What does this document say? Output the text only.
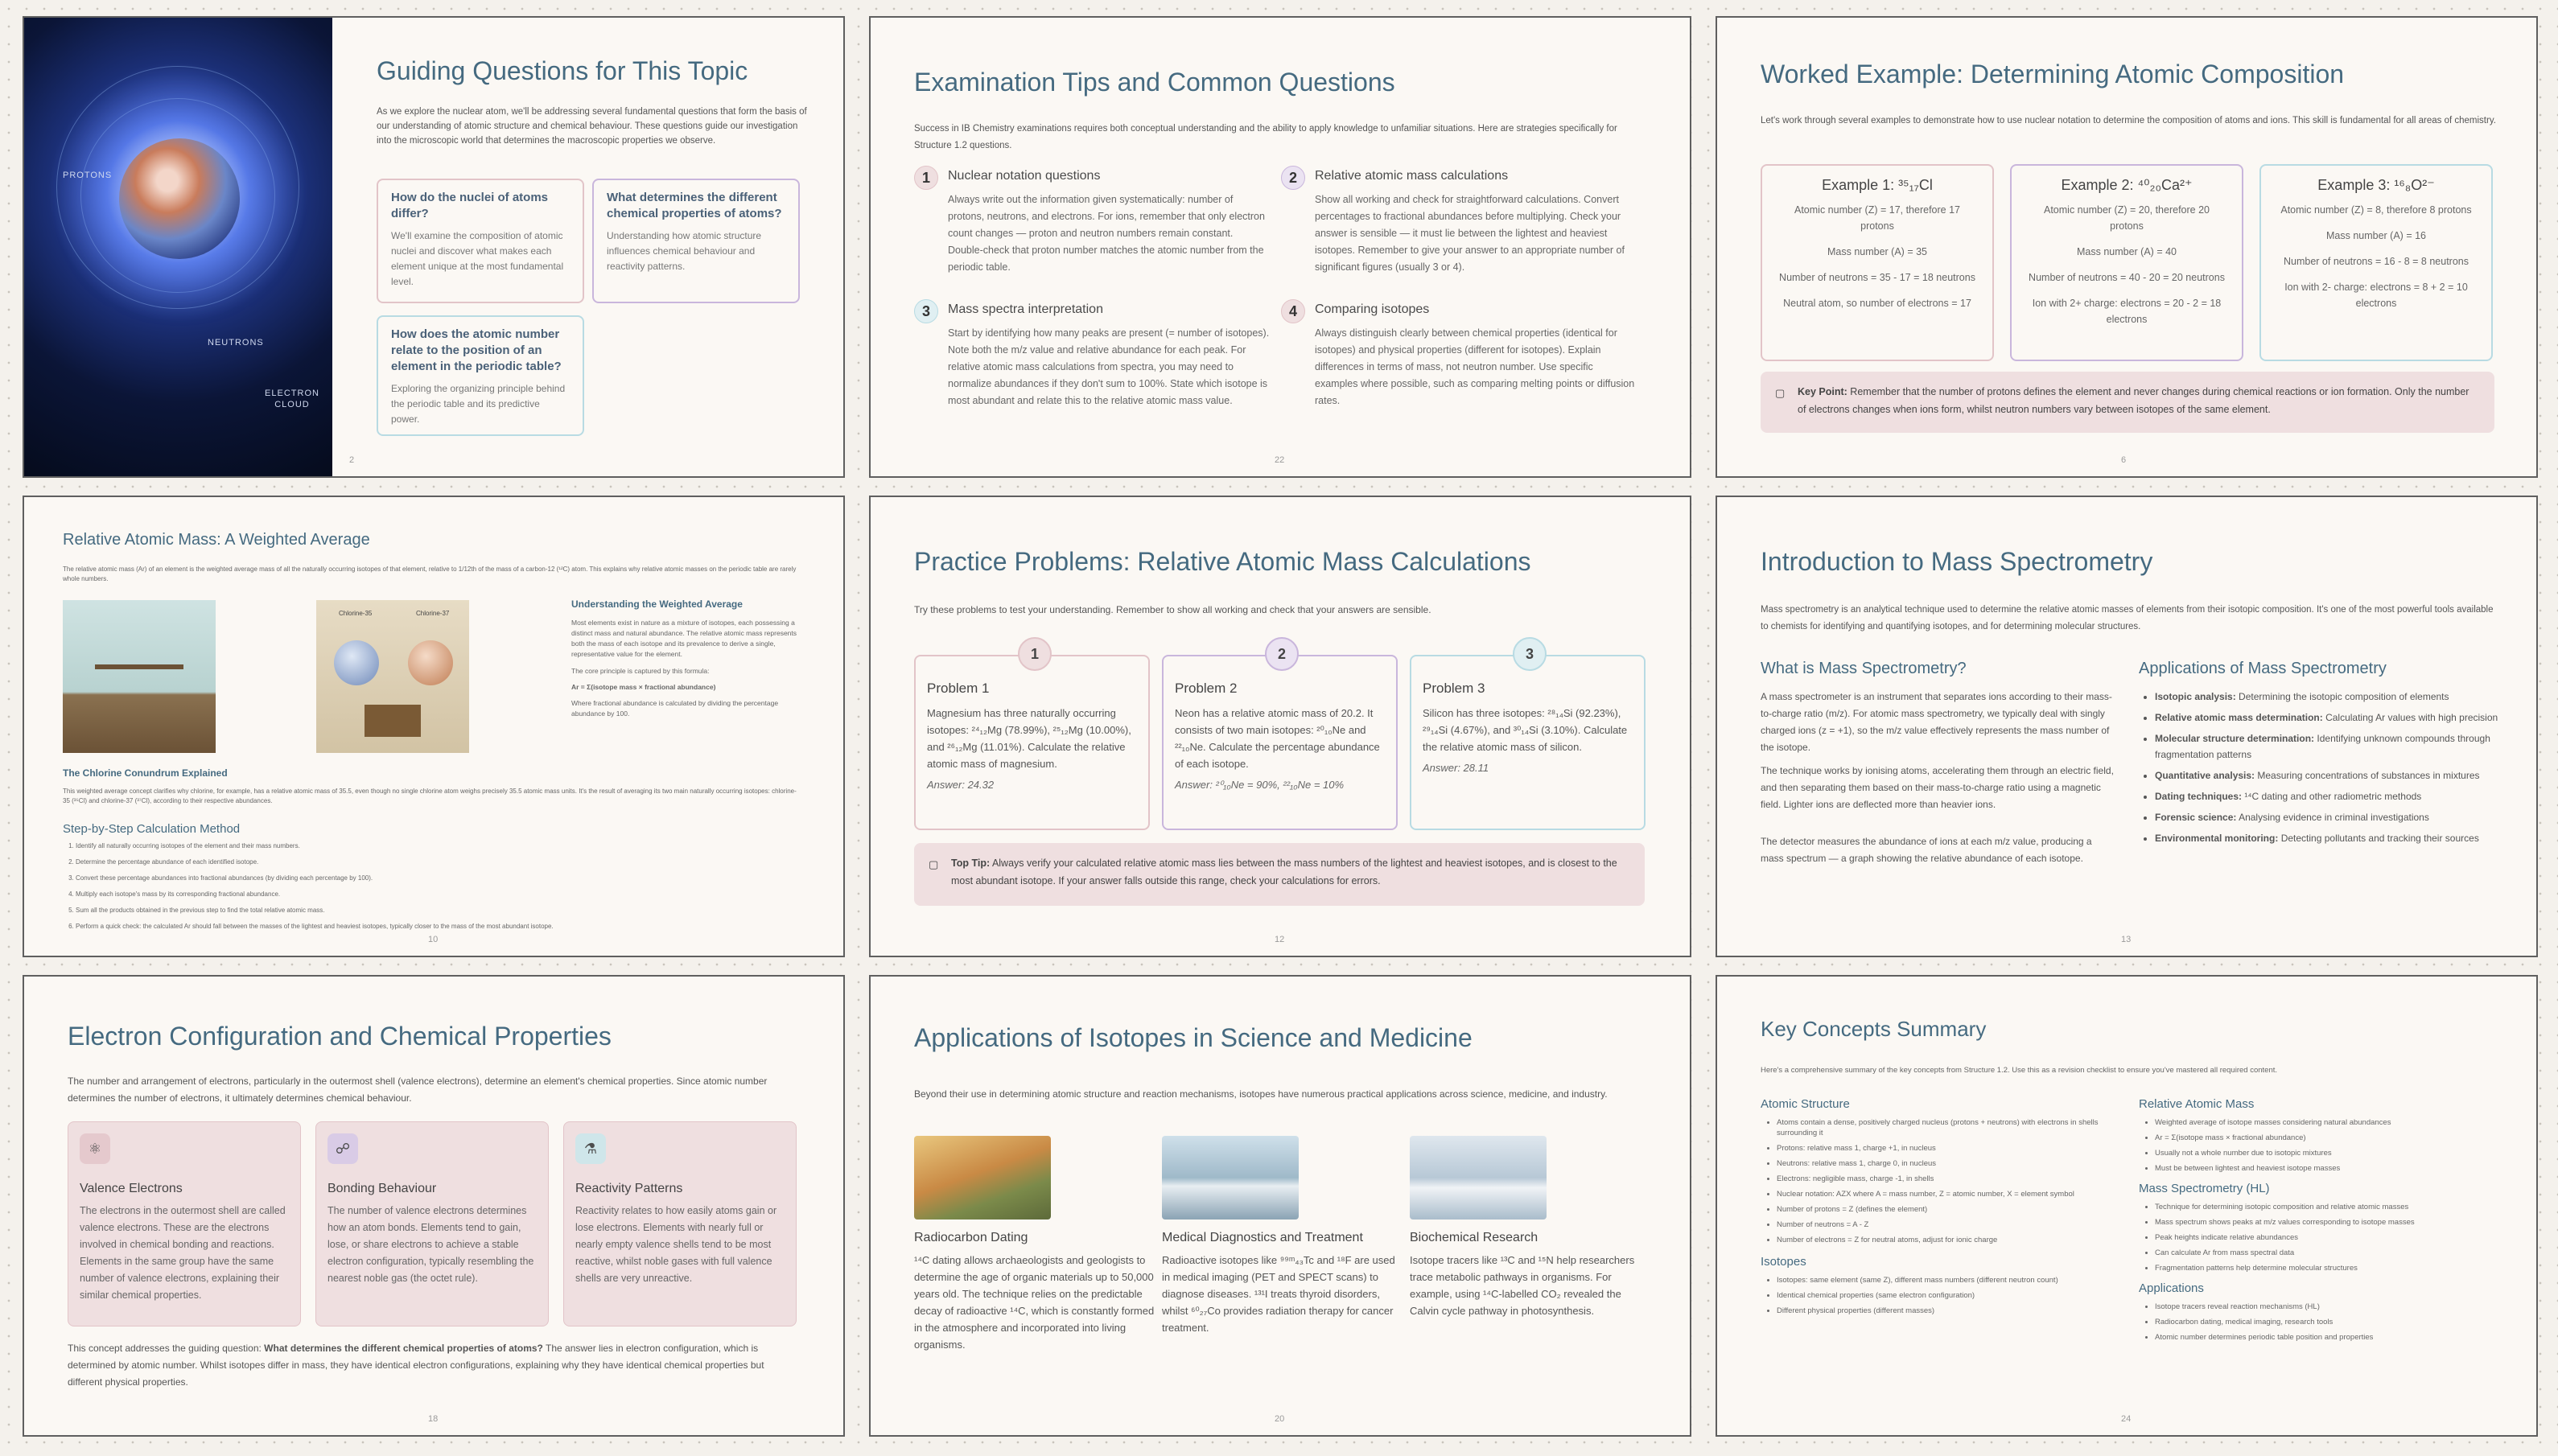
PROTONS
NEUTRONS
ELECTRON CLOUD
Guiding Questions for This Topic
As we explore the nuclear atom, we'll be addressing several fundamental questions that form the basis of our understanding of atomic structure and chemical behaviour. These questions guide our investigation into the microscopic world that determines the macroscopic properties we observe.
How do the nuclei of atoms differ?
We'll examine the composition of atomic nuclei and discover what makes each element unique at the most fundamental level.
What determines the different chemical properties of atoms?
Understanding how atomic structure influences chemical behaviour and reactivity patterns.
How does the atomic number relate to the position of an element in the periodic table?
Exploring the organizing principle behind the periodic table and its predictive power.
2
Examination Tips and Common Questions
Success in IB Chemistry examinations requires both conceptual understanding and the ability to apply knowledge to unfamiliar situations. Here are strategies specifically for Structure 1.2 questions.
1	Nuclear notation questions
Always write out the information given systematically: number of protons, neutrons, and electrons. For ions, remember that only electron count changes — proton and neutron numbers remain constant. Double-check that proton number matches the atomic number from the periodic table.
2	Relative atomic mass calculations
Show all working and check for straightforward calculations. Convert percentages to fractional abundances before multiplying. Check your answer is sensible — it must lie between the lightest and heaviest isotopes. Remember to give your answer to an appropriate number of significant figures (usually 3 or 4).
3	Mass spectra interpretation
Start by identifying how many peaks are present (= number of isotopes). Note both the m/z value and relative abundance for each peak. For relative atomic mass calculations from spectra, you may need to normalize abundances if they don't sum to 100%. State which isotope is most abundant and relate this to the relative atomic mass value.
4	Comparing isotopes
Always distinguish clearly between chemical properties (identical for isotopes) and physical properties (different for isotopes). Explain differences in terms of mass, not neutron number. Use specific examples where possible, such as comparing melting points or diffusion rates.
22
Worked Example: Determining Atomic Composition
Let's work through several examples to demonstrate how to use nuclear notation to determine the composition of atoms and ions. This skill is fundamental for all areas of chemistry.
Example 1: ³⁵₁₇Cl
Atomic number (Z) = 17, therefore 17 protons
Mass number (A) = 35
Number of neutrons = 35 - 17 = 18 neutrons
Neutral atom, so number of electrons = 17
Example 2: ⁴⁰₂₀Ca²⁺
Atomic number (Z) = 20, therefore 20 protons
Mass number (A) = 40
Number of neutrons = 40 - 20 = 20 neutrons
Ion with 2+ charge: electrons = 20 - 2 = 18 electrons
Example 3: ¹⁶₈O²⁻
Atomic number (Z) = 8, therefore 8 protons
Mass number (A) = 16
Number of neutrons = 16 - 8 = 8 neutrons
Ion with 2- charge: electrons = 8 + 2 = 10 electrons
▢ Key Point: Remember that the number of protons defines the element and never changes during chemical reactions or ion formation. Only the number of electrons changes when ions form, whilst neutron numbers vary between isotopes of the same element.
6
Relative Atomic Mass: A Weighted Average
The relative atomic mass (Ar) of an element is the weighted average mass of all the naturally occurring isotopes of that element, relative to 1/12th of the mass of a carbon-12 (¹²C) atom. This explains why relative atomic masses on the periodic table are rarely whole numbers.
Chlorine-35	Chlorine-37
Understanding the Weighted Average
Most elements exist in nature as a mixture of isotopes, each possessing a distinct mass and natural abundance. The relative atomic mass represents both the mass of each isotope and its prevalence to derive a single, representative value for the element.
The core principle is captured by this formula:
Ar = Σ(isotope mass × fractional abundance)
Where fractional abundance is calculated by dividing the percentage abundance by 100.
The Chlorine Conundrum Explained
This weighted average concept clarifies why chlorine, for example, has a relative atomic mass of 35.5, even though no single chlorine atom weighs precisely 35.5 atomic mass units. It's the result of averaging its two main naturally occurring isotopes: chlorine-35 (³⁵Cl) and chlorine-37 (³⁷Cl), according to their respective abundances.
Step-by-Step Calculation Method
1. Identify all naturally occurring isotopes of the element and their mass numbers.
2. Determine the percentage abundance of each identified isotope.
3. Convert these percentage abundances into fractional abundances (by dividing each percentage by 100).
4. Multiply each isotope's mass by its corresponding fractional abundance.
5. Sum all the products obtained in the previous step to find the total relative atomic mass.
6. Perform a quick check: the calculated Ar should fall between the masses of the lightest and heaviest isotopes, typically closer to the mass of the most abundant isotope.
10
Practice Problems: Relative Atomic Mass Calculations
Try these problems to test your understanding. Remember to show all working and check that your answers are sensible.
Problem 1
Magnesium has three naturally occurring isotopes: ²⁴₁₂Mg (78.99%), ²⁵₁₂Mg (10.00%), and ²⁶₁₂Mg (11.01%). Calculate the relative atomic mass of magnesium.
Answer: 24.32
1
Problem 2
Neon has a relative atomic mass of 20.2. It consists of two main isotopes: ²⁰₁₀Ne and ²²₁₀Ne. Calculate the percentage abundance of each isotope.
Answer: ²⁰₁₀Ne = 90%, ²²₁₀Ne = 10%
2
Problem 3
Silicon has three isotopes: ²⁸₁₄Si (92.23%), ²⁹₁₄Si (4.67%), and ³⁰₁₄Si (3.10%). Calculate the relative atomic mass of silicon.
Answer: 28.11
3
▢ Top Tip: Always verify your calculated relative atomic mass lies between the mass numbers of the lightest and heaviest isotopes, and is closest to the most abundant isotope. If your answer falls outside this range, check your calculations for errors.
12
Introduction to Mass Spectrometry
Mass spectrometry is an analytical technique used to determine the relative atomic masses of elements from their isotopic composition. It's one of the most powerful tools available to chemists for identifying and quantifying isotopes, and for determining molecular structures.
What is Mass Spectrometry?
A mass spectrometer is an instrument that separates ions according to their mass-to-charge ratio (m/z). For atomic mass spectrometry, we typically deal with singly charged ions (z = +1), so the m/z value effectively represents the mass number of the isotope.
The technique works by ionising atoms, accelerating them through an electric field, and then separating them based on their mass-to-charge ratio using a magnetic field. Lighter ions are deflected more than heavier ions.
The detector measures the abundance of ions at each m/z value, producing a mass spectrum — a graph showing the relative abundance of each isotope.
Applications of Mass Spectrometry
• Isotopic analysis: Determining the isotopic composition of elements
• Relative atomic mass determination: Calculating Ar values with high precision
• Molecular structure determination: Identifying unknown compounds through fragmentation patterns
• Quantitative analysis: Measuring concentrations of substances in mixtures
• Dating techniques: ¹⁴C dating and other radiometric methods
• Forensic science: Analysing evidence in criminal investigations
• Environmental monitoring: Detecting pollutants and tracking their sources
13
Electron Configuration and Chemical Properties
The number and arrangement of electrons, particularly in the outermost shell (valence electrons), determine an element's chemical properties. Since atomic number determines the number of electrons, it ultimately determines chemical behaviour.
⚛
Valence Electrons
The electrons in the outermost shell are called valence electrons. These are the electrons involved in chemical bonding and reactions. Elements in the same group have the same number of valence electrons, explaining their similar chemical properties.
☍
Bonding Behaviour
The number of valence electrons determines how an atom bonds. Elements tend to gain, lose, or share electrons to achieve a stable electron configuration, typically resembling the nearest noble gas (the octet rule).
⚗
Reactivity Patterns
Reactivity relates to how easily atoms gain or lose electrons. Elements with nearly full or nearly empty valence shells tend to be most reactive, whilst noble gases with full valence shells are very unreactive.
This concept addresses the guiding question: What determines the different chemical properties of atoms? The answer lies in electron configuration, which is determined by atomic number. Whilst isotopes differ in mass, they have identical electron configurations, explaining why they have identical chemical properties but different physical properties.
18
Applications of Isotopes in Science and Medicine
Beyond their use in determining atomic structure and reaction mechanisms, isotopes have numerous practical applications across science, medicine, and industry.
Radiocarbon Dating
¹⁴C dating allows archaeologists and geologists to determine the age of organic materials up to 50,000 years old. The technique relies on the predictable decay of radioactive ¹⁴C, which is constantly formed in the atmosphere and incorporated into living organisms.
Medical Diagnostics and Treatment
Radioactive isotopes like ⁹⁹ᵐ₄₃Tc and ¹⁸F are used in medical imaging (PET and SPECT scans) to diagnose diseases. ¹³¹I treats thyroid disorders, whilst ⁶⁰₂₇Co provides radiation therapy for cancer treatment.
Biochemical Research
Isotope tracers like ¹³C and ¹⁵N help researchers trace metabolic pathways in organisms. For example, using ¹⁴C-labelled CO₂ revealed the Calvin cycle pathway in photosynthesis.
20
Key Concepts Summary
Here's a comprehensive summary of the key concepts from Structure 1.2. Use this as a revision checklist to ensure you've mastered all required content.
Atomic Structure
• Atoms contain a dense, positively charged nucleus (protons + neutrons) with electrons in shells surrounding it
• Protons: relative mass 1, charge +1, in nucleus
• Neutrons: relative mass 1, charge 0, in nucleus
• Electrons: negligible mass, charge -1, in shells
• Nuclear notation: AZX where A = mass number, Z = atomic number, X = element symbol
• Number of protons = Z (defines the element)
• Number of neutrons = A - Z
• Number of electrons = Z for neutral atoms, adjust for ionic charge
Isotopes
• Isotopes: same element (same Z), different mass numbers (different neutron count)
• Identical chemical properties (same electron configuration)
• Different physical properties (different masses)
Relative Atomic Mass
• Weighted average of isotope masses considering natural abundances
• Ar = Σ(isotope mass × fractional abundance)
• Usually not a whole number due to isotopic mixtures
• Must be between lightest and heaviest isotope masses
Mass Spectrometry (HL)
• Technique for determining isotopic composition and relative atomic masses
• Mass spectrum shows peaks at m/z values corresponding to isotope masses
• Peak heights indicate relative abundances
• Can calculate Ar from mass spectral data
• Fragmentation patterns help determine molecular structures
Applications
• Isotope tracers reveal reaction mechanisms (HL)
• Radiocarbon dating, medical imaging, research tools
• Atomic number determines periodic table position and properties
24
